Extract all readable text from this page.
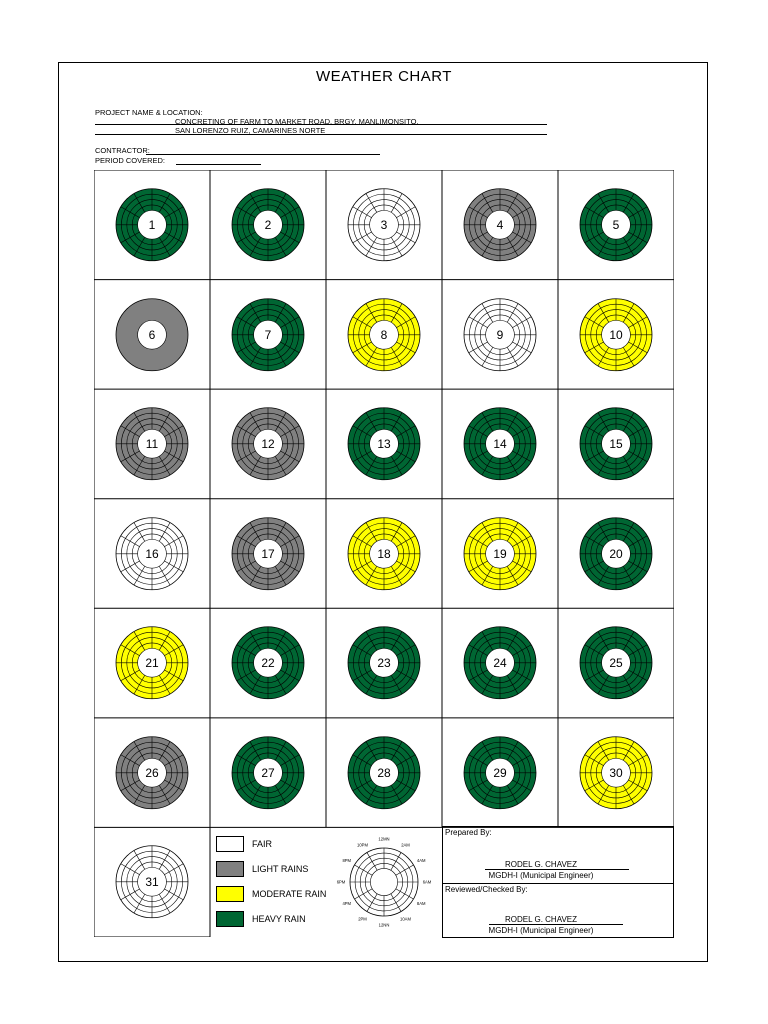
WEATHER CHART
PROJECT NAME & LOCATION:
CONCRETING OF FARM TO MARKET ROAD, BRGY, MANLIMONSITO,
SAN LORENZO RUIZ, CAMARINES NORTE
CONTRACTOR:
PERIOD COVERED:
1	2	3	4	5
6	7	8	9	10
11	12	13	14	15
16	17	18	19	20
21	22	23	24	25
26	27	28	29	30
31
FAIR
LIGHT RAINS
MODERATE RAIN
HEAVY RAIN
12MN
2AM
4AM
6AM
8AM
10AM
12NN
2PM
4PM
6PM
8PM
10PM
Prepared By:
RODEL G. CHAVEZ
MGDH-I (Municipal Engineer)
Reviewed/Checked By:
RODEL G. CHAVEZ
MGDH-I (Municipal Engineer)
